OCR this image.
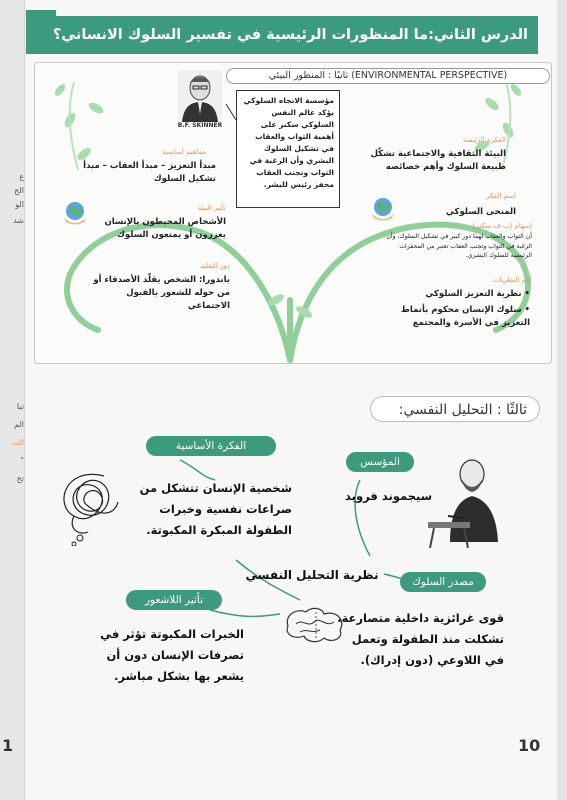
ع
الح
الو
شد
تبا
الم
الت
"
تح
الدرس الثاني:ما المنظورات الرئيسية في تفسير السلوك الانساني؟
ثانيًا : المنظور البيئي (ENVIRONMENTAL PERSPECTIVE)
B.F. SKINNER
مؤسسة الاتجاه السلوكي يؤكد عالم النفس السلوكي سكنر على أهمية الثواب والعقاب في تشكيل السلوك البشري وأن الرغبة في الثواب وتجنب العقاب محفز رئيس للبشر.
الفكرة الرئيسة
البيئة الثقافية والاجتماعية تشكّل طبيعة السلوك وأهم خصائصه
اسم الفكر
المنحى السلوكي
إسهام (ب.ف سكنر)
أن الثواب والعقاب لهما دور كبير في تشكيل السلوك، وأن الرغبة في الثواب وتجنب العقاب تعتبر من المحفزات الرئيسية للسلوك البشري.
أهم النظريات
• نظرية التعزيز السلوكي
• سلوك الإنسان محكوم بأنماط التعزيز في الأسرة والمجتمع
مفاهيم أساسية
مبدأ التعزيز – مبدأ العقاب – مبدأ تشكيل السلوك
تأثير البيئة
الأشخاص المحيطون بالإنسان يعززون أو يمنعون السلوك
دور التقليد
باندورا: الشخص يقلّد الأصدقاء أو من حوله للشعور بالقبول الاجتماعي
ثالثًا : التحليل النفسي:
المؤسس
سيجموند فرويد
الفكرة الأساسية
شخصية الإنسان تتشكل من صراعات نفسية وخبرات الطفولة المبكرة المكبوتة.
نظرية التحليل النفسي	مصدر السلوك
قوى غرائزية داخلية متصارعة، تشكلت منذ الطفولة وتعمل في اللاوعي (دون إدراك).
تأثير اللاشعور
الخبرات المكبوتة تؤثر في تصرفات الإنسان دون أن يشعر بها بشكل مباشر.
10
1
